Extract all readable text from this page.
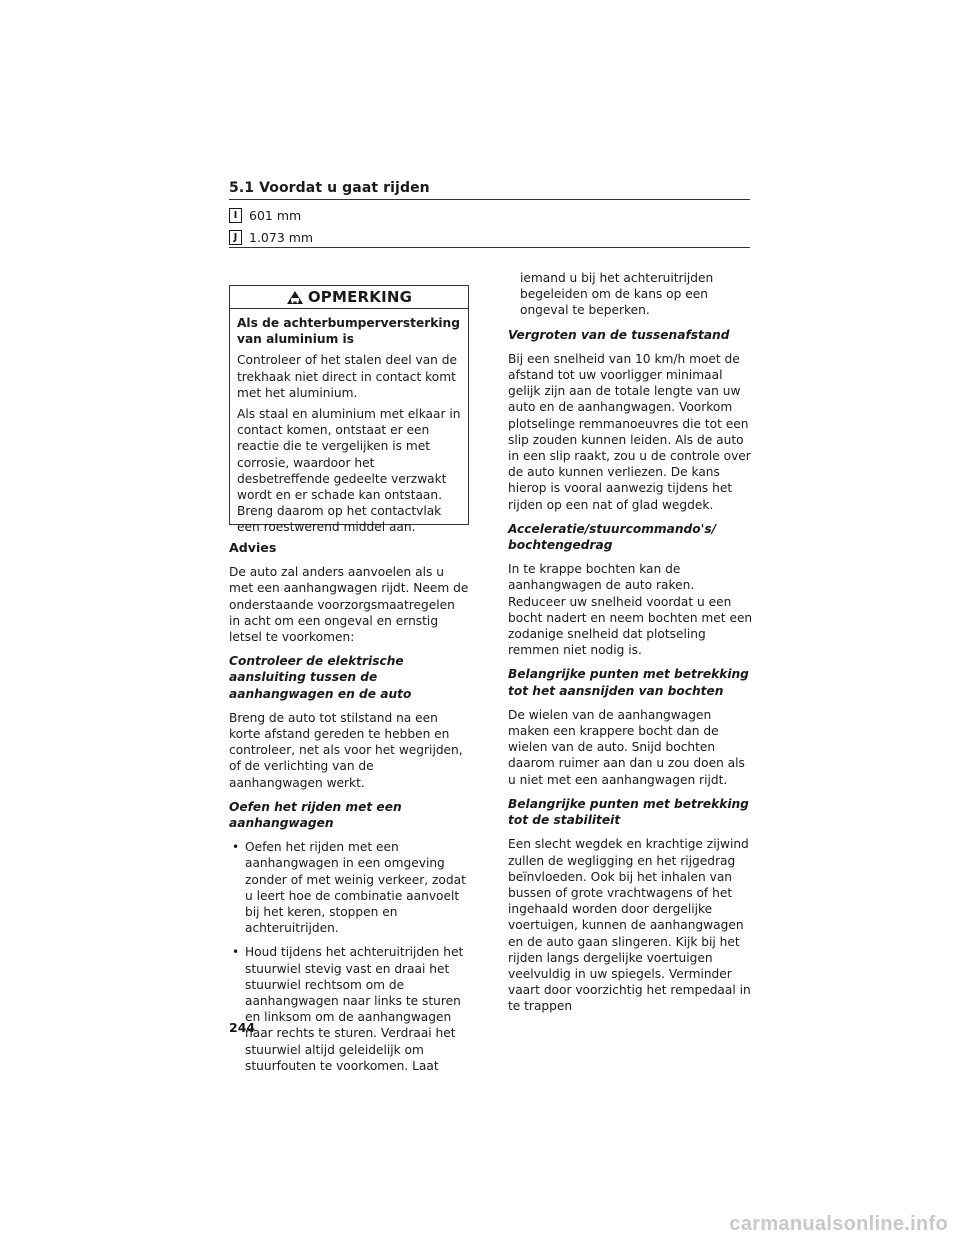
5.1 Voordat u gaat rijden
I 601 mm
J 1.073 mm
OPMERKING

Als de achterbumperversterking van aluminium is

Controleer of het stalen deel van de trekhaak niet direct in contact komt met het aluminium.

Als staal en aluminium met elkaar in contact komen, ontstaat er een reactie die te vergelijken is met corrosie, waardoor het desbetreffende gedeelte verzwakt wordt en er schade kan ontstaan. Breng daarom op het contactvlak een roestwerend middel aan.

Advies

De auto zal anders aanvoelen als u met een aanhangwagen rijdt. Neem de onderstaande voorzorgsmaatregelen in acht om een ongeval en ernstig letsel te voorkomen:

Controleer de elektrische aansluiting tussen de aanhangwagen en de auto

Breng de auto tot stilstand na een korte afstand gereden te hebben en controleer, net als voor het wegrijden, of de verlichting van de aanhangwagen werkt.

Oefen het rijden met een aanhangwagen

• Oefen het rijden met een aanhangwagen in een omgeving zonder of met weinig verkeer, zodat u leert hoe de combinatie aanvoelt bij het keren, stoppen en achteruitrijden.
• Houd tijdens het achteruitrijden het stuurwiel stevig vast en draai het stuurwiel rechtsom om de aanhangwagen naar links te sturen en linksom om de aanhangwagen naar rechts te sturen. Verdraai het stuurwiel altijd geleidelijk om stuurfouten te voorkomen. Laat

iemand u bij het achteruitrijden begeleiden om de kans op een ongeval te beperken.

Vergroten van de tussenafstand

Bij een snelheid van 10 km/h moet de afstand tot uw voorligger minimaal gelijk zijn aan de totale lengte van uw auto en de aanhangwagen. Voorkom plotselinge remmanoeuvres die tot een slip zouden kunnen leiden. Als de auto in een slip raakt, zou u de controle over de auto kunnen verliezen. De kans hierop is vooral aanwezig tijdens het rijden op een nat of glad wegdek.

Acceleratie/stuurcommando's/ bochtengedrag

In te krappe bochten kan de aanhangwagen de auto raken. Reduceer uw snelheid voordat u een bocht nadert en neem bochten met een zodanige snelheid dat plotseling remmen niet nodig is.

Belangrijke punten met betrekking tot het aansnijden van bochten

De wielen van de aanhangwagen maken een krappere bocht dan de wielen van de auto. Snijd bochten daarom ruimer aan dan u zou doen als u niet met een aanhangwagen rijdt.

Belangrijke punten met betrekking tot de stabiliteit

Een slecht wegdek en krachtige zijwind zullen de wegligging en het rijgedrag beïnvloeden. Ook bij het inhalen van bussen of grote vrachtwagens of het ingehaald worden door dergelijke voertuigen, kunnen de aanhangwagen en de auto gaan slingeren. Kijk bij het rijden langs dergelijke voertuigen veelvuldig in uw spiegels. Verminder vaart door voorzichtig het rempedaal in te trappen

244
carmanualsonline.info
